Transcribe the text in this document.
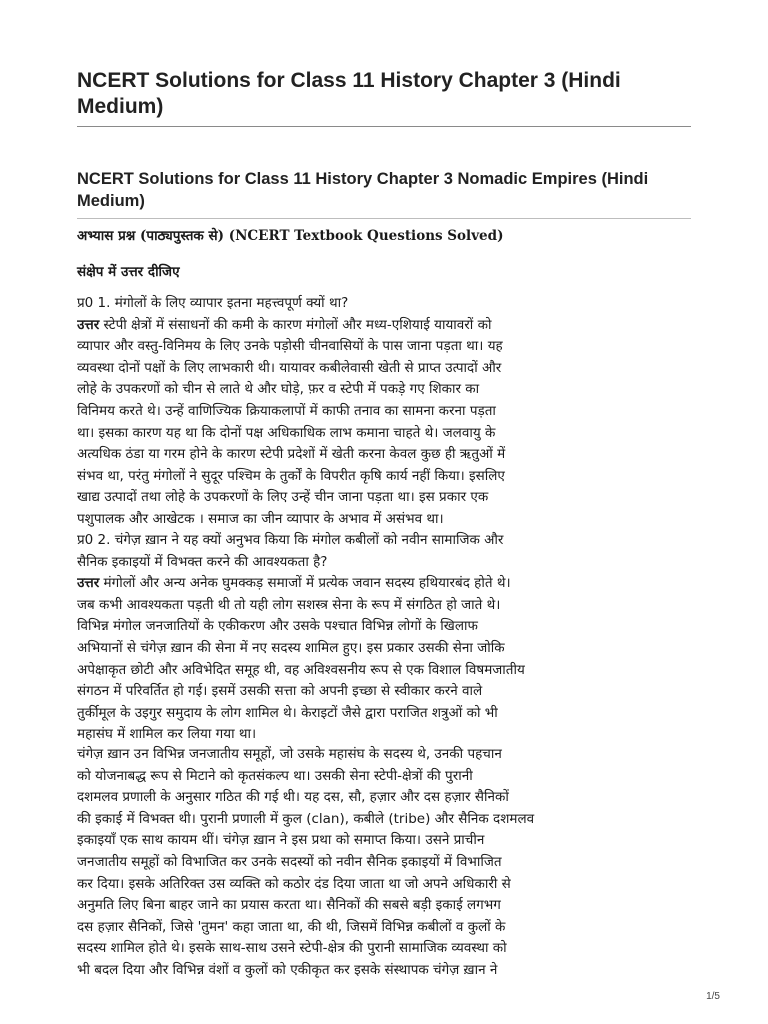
NCERT Solutions for Class 11 History Chapter 3 (Hindi Medium)
NCERT Solutions for Class 11 History Chapter 3 Nomadic Empires (Hindi Medium)
अभ्यास प्रश्न (पाठ्यपुस्तक से) (NCERT Textbook Questions Solved)
संक्षेप में उत्तर दीजिए
प्र0 1. मंगोलों के लिए व्यापार इतना महत्त्वपूर्ण क्यों था?
उत्तर स्टेपी क्षेत्रों में संसाधनों की कमी के कारण मंगोलों और मध्य-एशियाई यायावरों को
व्यापार और वस्तु-विनिमय के लिए उनके पड़ोसी चीनवासियों के पास जाना पड़ता था। यह
व्यवस्था दोनों पक्षों के लिए लाभकारी थी। यायावर कबीलेवासी खेती से प्राप्त उत्पादों और
लोहे के उपकरणों को चीन से लाते थे और घोड़े, फ़र व स्टेपी में पकड़े गए शिकार का
विनिमय करते थे। उन्हें वाणिज्यिक क्रियाकलापों में काफी तनाव का सामना करना पड़ता
था। इसका कारण यह था कि दोनों पक्ष अधिकाधिक लाभ कमाना चाहते थे। जलवायु के
अत्यधिक ठंडा या गरम होने के कारण स्टेपी प्रदेशों में खेती करना केवल कुछ ही ऋतुओं में
संभव था, परंतु मंगोलों ने सुदूर पश्चिम के तुर्कों के विपरीत कृषि कार्य नहीं किया। इसलिए
खाद्य उत्पादों तथा लोहे के उपकरणों के लिए उन्हें चीन जाना पड़ता था। इस प्रकार एक
पशुपालक और आखेटक । समाज का जीन व्यापार के अभाव में असंभव था।
प्र0 2. चंगेज़ ख़ान ने यह क्यों अनुभव किया कि मंगोल कबीलों को नवीन सामाजिक और
सैनिक इकाइयों में विभक्त करने की आवश्यकता है?
उत्तर मंगोलों और अन्य अनेक घुमक्कड़ समाजों में प्रत्येक जवान सदस्य हथियारबंद होते थे।
जब कभी आवश्यकता पड़ती थी तो यही लोग सशस्त्र सेना के रूप में संगठित हो जाते थे।
विभिन्न मंगोल जनजातियों के एकीकरण और उसके पश्चात विभिन्न लोगों के खिलाफ
अभियानों से चंगेज़ ख़ान की सेना में नए सदस्य शामिल हुए। इस प्रकार उसकी सेना जोकि
अपेक्षाकृत छोटी और अविभेदित समूह थी, वह अविश्वसनीय रूप से एक विशाल विषमजातीय
संगठन में परिवर्तित हो गई। इसमें उसकी सत्ता को अपनी इच्छा से स्वीकार करने वाले
तुर्कीमूल के उइगुर समुदाय के लोग शामिल थे। केराइटों जैसे द्वारा पराजित शत्रुओं को भी
महासंघ में शामिल कर लिया गया था।
चंगेज़ ख़ान उन विभिन्न जनजातीय समूहों, जो उसके महासंघ के सदस्य थे, उनकी पहचान
को योजनाबद्ध रूप से मिटाने को कृतसंकल्प था। उसकी सेना स्टेपी-क्षेत्रों की पुरानी
दशमलव प्रणाली के अनुसार गठित की गई थी। यह दस, सौ, हज़ार और दस हज़ार सैनिकों
की इकाई में विभक्त थी। पुरानी प्रणाली में कुल (clan), कबीले (tribe) और सैनिक दशमलव
इकाइयाँ एक साथ कायम थीं। चंगेज़ ख़ान ने इस प्रथा को समाप्त किया। उसने प्राचीन
जनजातीय समूहों को विभाजित कर उनके सदस्यों को नवीन सैनिक इकाइयों में विभाजित
कर दिया। इसके अतिरिक्त उस व्यक्ति को कठोर दंड दिया जाता था जो अपने अधिकारी से
अनुमति लिए बिना बाहर जाने का प्रयास करता था। सैनिकों की सबसे बड़ी इकाई लगभग
दस हज़ार सैनिकों, जिसे 'तुमन' कहा जाता था, की थी, जिसमें विभिन्न कबीलों व कुलों के
सदस्य शामिल होते थे। इसके साथ-साथ उसने स्टेपी-क्षेत्र की पुरानी सामाजिक व्यवस्था को
भी बदल दिया और विभिन्न वंशों व कुलों को एकीकृत कर इसके संस्थापक चंगेज़ ख़ान ने
1/5
